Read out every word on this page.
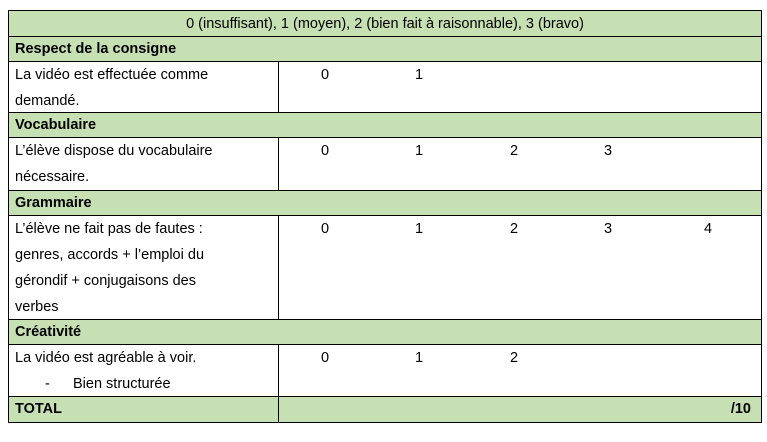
0 (insuffisant), 1 (moyen), 2 (bien fait à raisonnable), 3 (bravo)
Respect de la consigne
La vidéo est effectuée comme
demandé.
0	1
Vocabulaire
L’élève dispose du vocabulaire
nécessaire.
0	1	2	3
Grammaire
L’élève ne fait pas de fautes :
genres, accords + l’emploi du
gérondif + conjugaisons des
verbes
0	1	2	3	4
Créativité
La vidéo est agréable à voir.
- Bien structurée
0	1	2
TOTAL	/10
